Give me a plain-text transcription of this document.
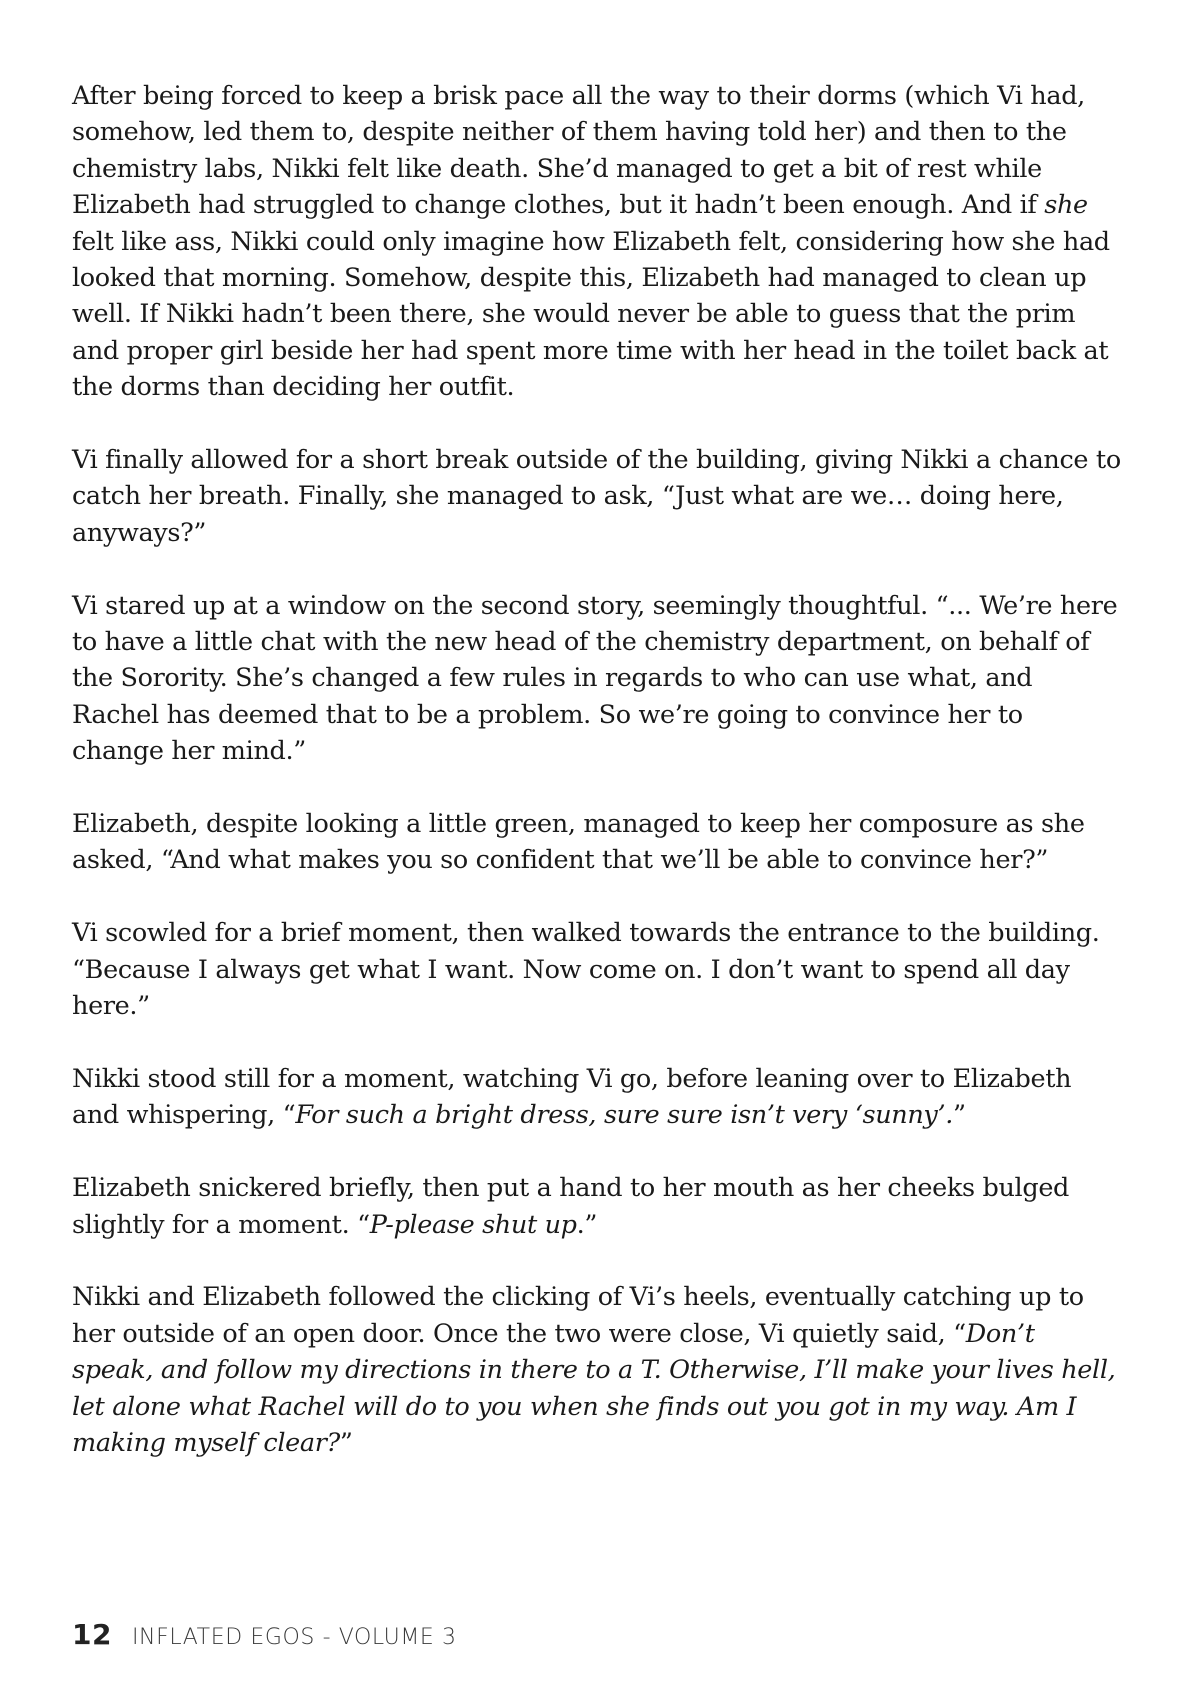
After being forced to keep a brisk pace all the way to their dorms (which Vi had, somehow, led them to, despite neither of them having told her) and then to the chemistry labs, Nikki felt like death. She’d managed to get a bit of rest while Elizabeth had struggled to change clothes, but it hadn’t been enough. And if she felt like ass, Nikki could only imagine how Elizabeth felt, considering how she had looked that morning. Somehow, despite this, Elizabeth had managed to clean up well. If Nikki hadn’t been there, she would never be able to guess that the prim and proper girl beside her had spent more time with her head in the toilet back at the dorms than deciding her outfit.

Vi finally allowed for a short break outside of the building, giving Nikki a chance to catch her breath. Finally, she managed to ask, “Just what are we… doing here, anyways?”

Vi stared up at a window on the second story, seemingly thoughtful. “... We’re here to have a little chat with the new head of the chemistry department, on behalf of the Sorority. She’s changed a few rules in regards to who can use what, and Rachel has deemed that to be a problem. So we’re going to convince her to change her mind.”

Elizabeth, despite looking a little green, managed to keep her composure as she asked, “And what makes you so confident that we’ll be able to convince her?”

Vi scowled for a brief moment, then walked towards the entrance to the building. “Because I always get what I want. Now come on. I don’t want to spend all day here.”

Nikki stood still for a moment, watching Vi go, before leaning over to Elizabeth and whispering, “For such a bright dress, sure sure isn’t very ‘sunny’.”

Elizabeth snickered briefly, then put a hand to her mouth as her cheeks bulged slightly for a moment. “P-please shut up.”

Nikki and Elizabeth followed the clicking of Vi’s heels, eventually catching up to her outside of an open door. Once the two were close, Vi quietly said, “Don’t speak, and follow my directions in there to a T. Otherwise, I’ll make your lives hell, let alone what Rachel will do to you when she finds out you got in my way. Am I making myself clear?”

12 INFLATED EGOS - VOLUME 3
